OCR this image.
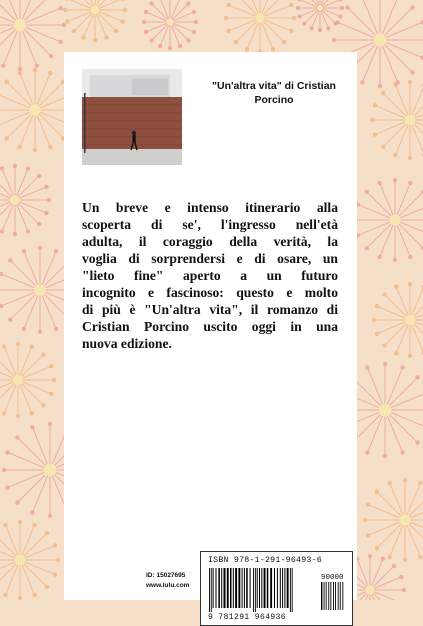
"Un'altra vita" di Cristian Porcino
Un breve e intenso itinerario alla
scoperta di se', l'ingresso nell'età
adulta, il coraggio della verità, la
voglia di sorprendersi e di osare, un
"lieto fine" aperto a un futuro
incognito e fascinoso: questo e molto
di più è "Un'altra vita", il romanzo di
Cristian Porcino uscito oggi in una
nuova edizione.
ID: 15027695
www.lulu.com
ISBN 978-1-291-96493-6
90000
9 781291 964936
